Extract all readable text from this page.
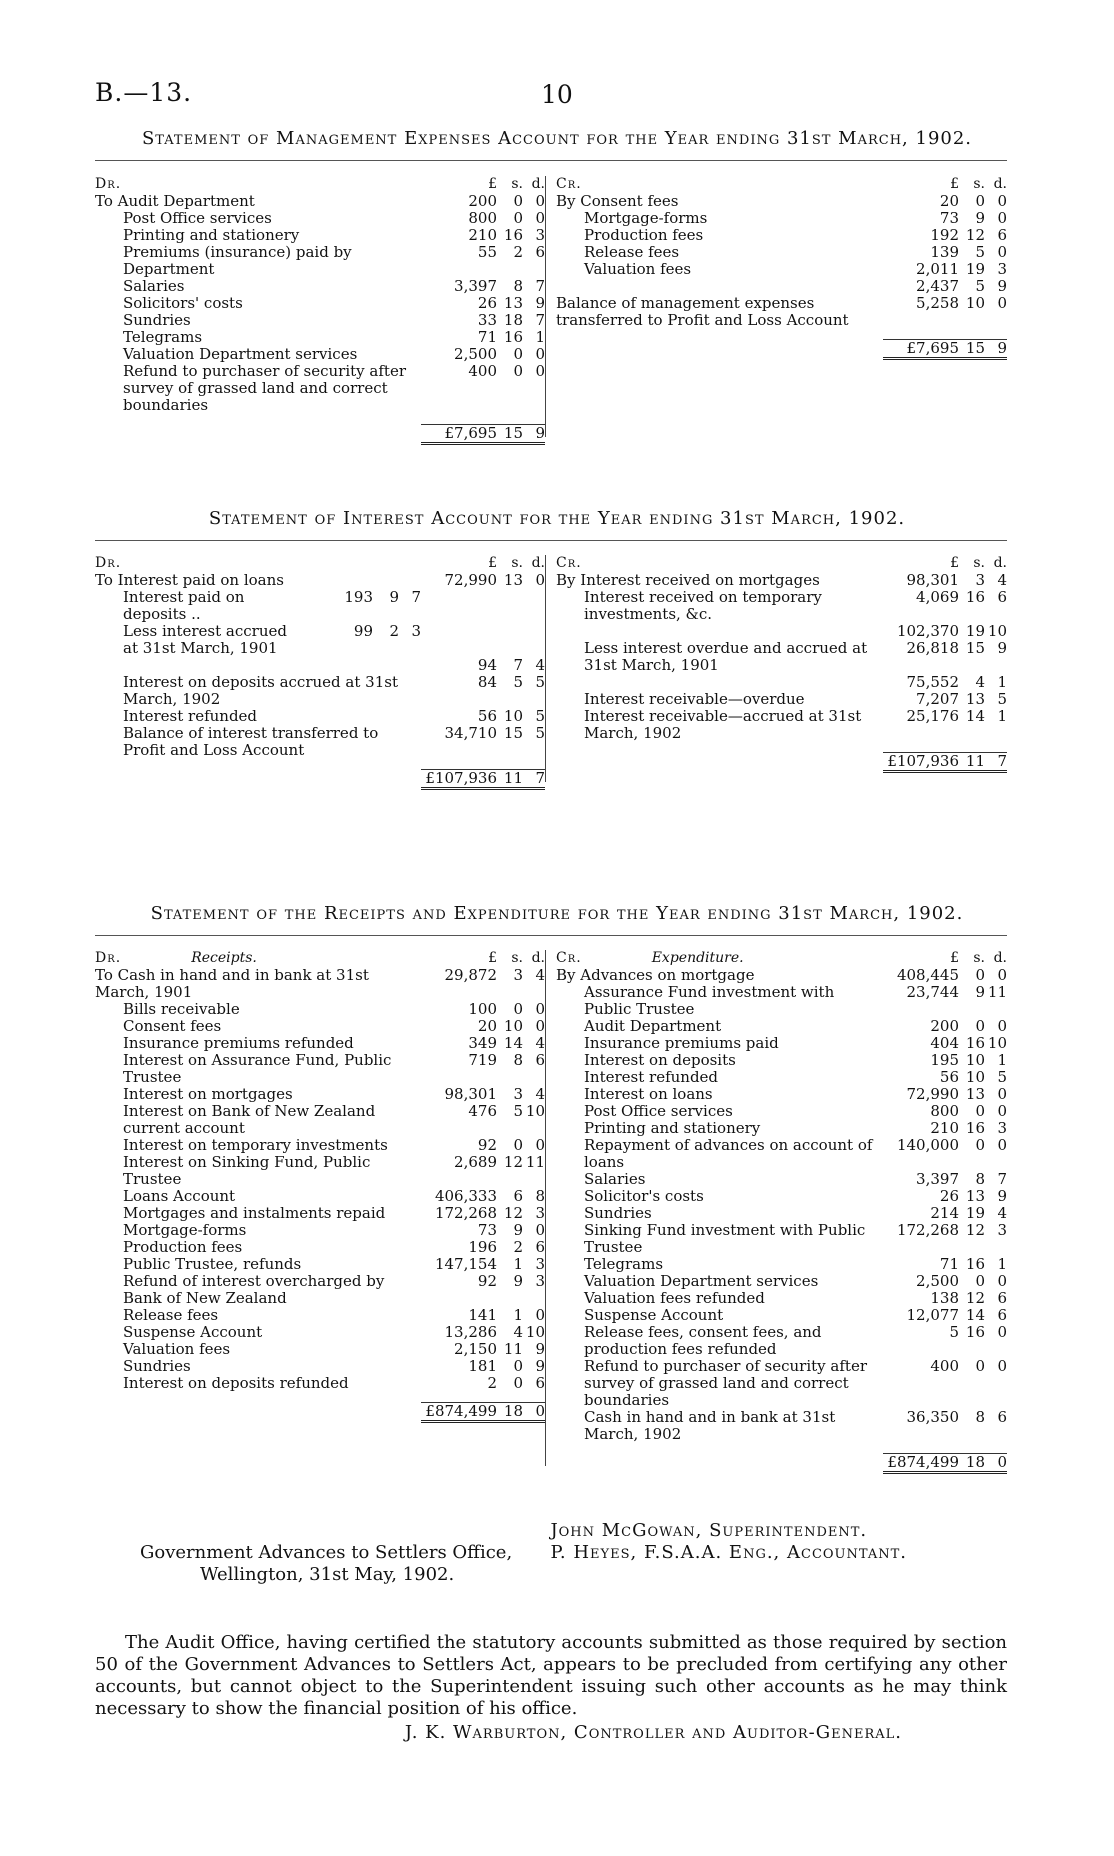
B.—13.	10
Statement of Management Expenses Account for the Year ending 31st March, 1902.
Dr.	£	s. d.
To Audit Department	200	0 0
Post Office services	800	0 0
Printing and stationery	210 16 3
Premiums (insurance) paid by Department
55	2 6
Salaries	3,397	8 7
Solicitors' costs	26 13 9
Sundries	33 18 7
Telegrams	71 16 1
Valuation Department services	2,500	0 0
Refund to purchaser of security after survey of grassed land and correct boundaries
400	0 0
£7,695 15 9
Cr.	£	s. d.
By Consent fees	20	0 0
Mortgage-forms	73	9 0
Production fees	192 12 6
Release fees	139	5 0
Valuation fees	2,011 19 3
2,437	5 9
Balance of management expenses transferred to Profit and Loss Account
5,258 10 0
£7,695 15 9
Statement of Interest Account for the Year ending 31st March, 1902.
Dr.	£	s. d.
To Interest paid on loans	72,990 13 0
Interest paid on deposits ..
193	9 7
Less interest accrued at 31st March, 1901
99	2 3
94	7 4
Interest on deposits accrued at 31st March, 1902
84	5 5
Interest refunded	56 10 5
Balance of interest transferred to Profit and Loss Account
34,710 15 5
£107,936 11 7
Cr.	£	s. d.
By Interest received on mortgages	98,301	3 4
Interest received on temporary investments, &c.
4,069 16 6
102,370 19 10
Less interest overdue and accrued at 31st March, 1901
26,818 15 9
75,552	4 1
Interest receivable—overdue	7,207 13 5
Interest receivable—accrued at 31st March, 1902
25,176 14 1
£107,936 11 7
Statement of the Receipts and Expenditure for the Year ending 31st March, 1902.
Dr.	Receipts.	£	s. d.
To Cash in hand and in bank at 31st March, 1901
29,872	3 4
Bills receivable	100	0 0
Consent fees	20 10 0
Insurance premiums refunded	349 14 4
Interest on Assurance Fund, Public Trustee
719	8 6
Interest on mortgages	98,301	3 4
Interest on Bank of New Zealand current account
476	5 10
Interest on temporary investments	92	0 0
Interest on Sinking Fund, Public Trustee
2,689 12 11
Loans Account	406,333	6 8
Mortgages and instalments repaid	172,268 12 3
Mortgage-forms	73	9 0
Production fees	196	2 6
Public Trustee, refunds	147,154	1 3
Refund of interest overcharged by Bank of New Zealand
92	9 3
Release fees	141	1 0
Suspense Account	13,286	4 10
Valuation fees	2,150 11 9
Sundries	181	0 9
Interest on deposits refunded	2	0 6
£874,499 18 0
Cr.	Expenditure.	£	s. d.
By Advances on mortgage	408,445	0 0
Assurance Fund investment with Public Trustee
23,744	9 11
Audit Department	200	0 0
Insurance premiums paid	404 16 10
Interest on deposits	195 10 1
Interest refunded	56 10 5
Interest on loans	72,990 13 0
Post Office services	800	0 0
Printing and stationery	210 16 3
Repayment of advances on account of loans
140,000	0 0
Salaries	3,397	8 7
Solicitor's costs	26 13 9
Sundries	214 19 4
Sinking Fund investment with Public Trustee
172,268 12 3
Telegrams	71 16 1
Valuation Department services	2,500	0 0
Valuation fees refunded	138 12 6
Suspense Account	12,077 14 6
Release fees, consent fees, and production fees refunded
5 16 0
Refund to purchaser of security after survey of grassed land and correct boundaries
400	0 0
Cash in hand and in bank at 31st March, 1902
36,350	8 6
£874,499 18 0
Government Advances to Settlers Office,
Wellington, 31st May, 1902.
John McGowan, Superintendent.
P. Heyes, F.S.A.A. Eng., Accountant.

The Audit Office, having certified the statutory accounts submitted as those required by section 50 of the Government Advances to Settlers Act, appears to be precluded from certifying any other accounts, but cannot object to the Superintendent issuing such other accounts as he may think necessary to show the financial position of his office.

J. K. Warburton, Controller and Auditor-General.
